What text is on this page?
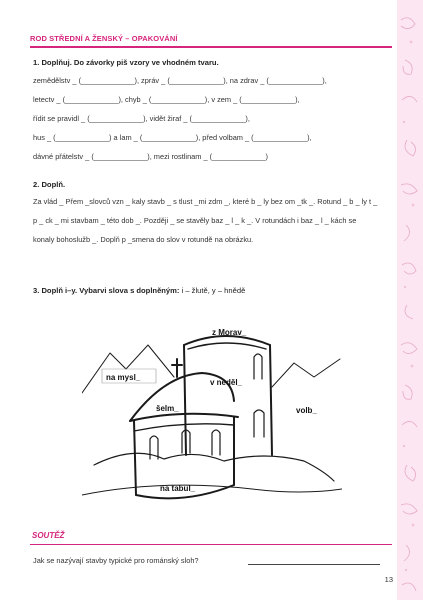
ROD STŘEDNÍ A ŽENSKÝ – OPAKOVÁNÍ
1. Doplňuj. Do závorky piš vzory ve vhodném tvaru.
zemědělstv _ (_____________), zpráv _ (_____________), na zdrav _ (_____________),
letectv _ (_____________), chyb _ (_____________), v zem _ (_____________),
řídit se pravidl _ (_____________), vidět žiraf _ (_____________),
hus _ (_____________) a lam _ (_____________), před volbam _ (_____________),
dávné přátelstv _ (_____________), mezi rostlinam _ (_____________)
2. Doplň.
Za vlád _ Přem _slovců vzn _ kaly stavb _ s tlust _mi zdm _, které b _ ly bez om _tk _. Rotund _ b _ ly t _ p _ ck _ mi stavbam _ této dob _. Později _ se stavěly baz _ l _ k _. V rotundách i baz _ l _ kách se konaly bohoslužb _. Doplň p _smena do slov v rotundě na obrázku.
3. Doplň i–y. Vybarvi slova s doplněným: i – žlutě, y – hnědě
z Morav_
na mysl_
v neděl_
šelm_	volb_
na tabul_
SOUTĚŽ
Jak se nazývají stavby typické pro románský sloh?
13
